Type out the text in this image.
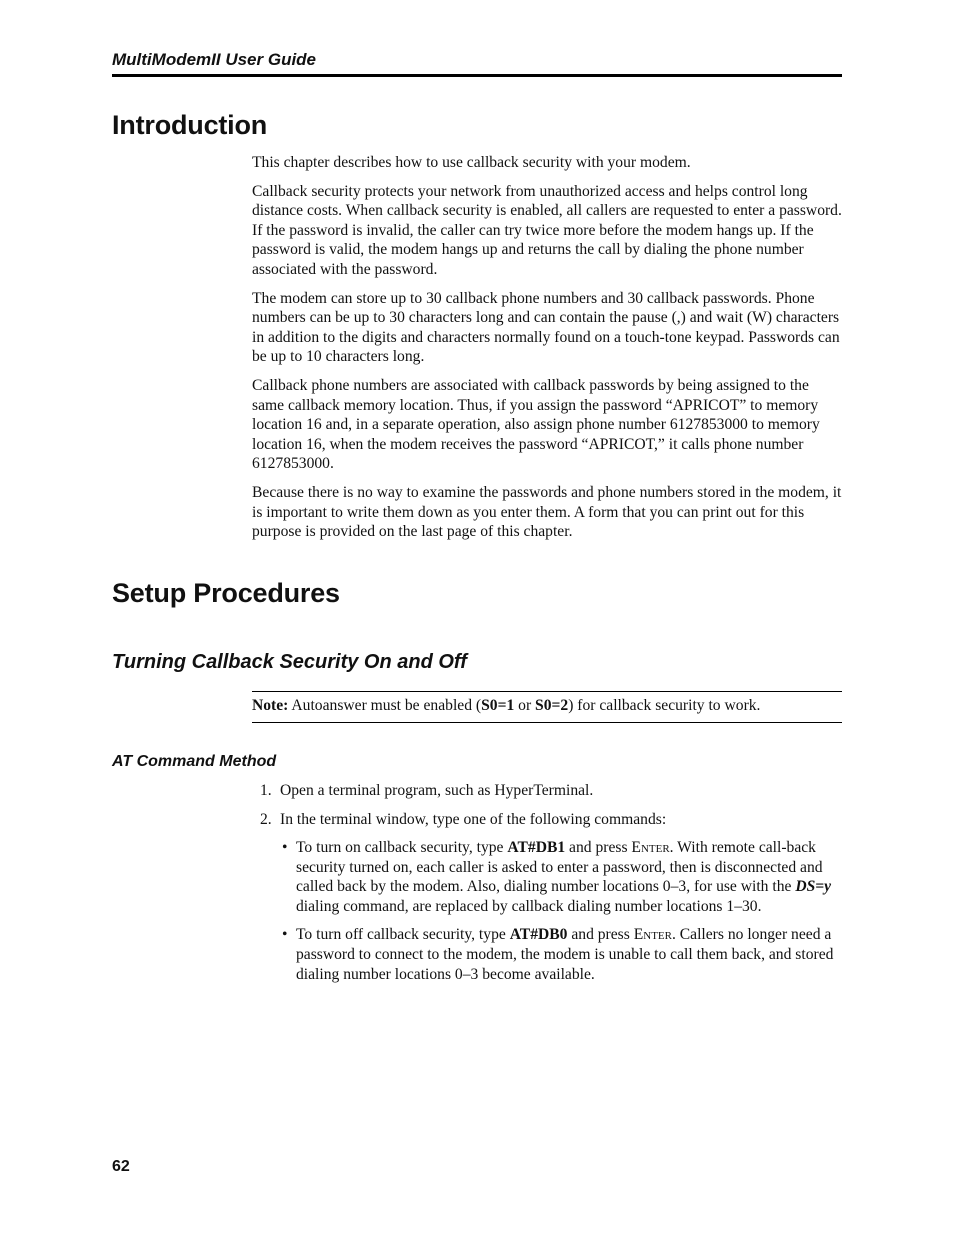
MultiModemII User Guide
Introduction

This chapter describes how to use callback security with your modem.

Callback security protects your network from unauthorized access and helps control long distance costs. When callback security is enabled, all callers are requested to enter a password. If the password is invalid, the caller can try twice more before the modem hangs up. If the password is valid, the modem hangs up and returns the call by dialing the phone number associated with the password.

The modem can store up to 30 callback phone numbers and 30 callback passwords. Phone numbers can be up to 30 characters long and can contain the pause (,) and wait (W) characters in addition to the digits and characters normally found on a touch-tone keypad. Passwords can be up to 10 characters long.

Callback phone numbers are associated with callback passwords by being assigned to the same callback memory location. Thus, if you assign the password “APRICOT” to memory location 16 and, in a separate operation, also assign phone number 6127853000 to memory location 16, when the modem receives the password “APRICOT,” it calls phone number 6127853000.

Because there is no way to examine the passwords and phone numbers stored in the modem, it is important to write them down as you enter them. A form that you can print out for this purpose is provided on the last page of this chapter.

Setup Procedures
Turning Callback Security On and Off
Note: Autoanswer must be enabled (S0=1 or S0=2) for callback security to work.
AT Command Method
1. Open a terminal program, such as HyperTerminal.
2. In the terminal window, type one of the following commands:
• To turn on callback security, type AT#DB1 and press Enter. With remote call-back security turned on, each caller is asked to enter a password, then is disconnected and called back by the modem. Also, dialing number locations 0–3, for use with the DS=y dialing command, are replaced by callback dialing number locations 1–30.
• To turn off callback security, type AT#DB0 and press Enter. Callers no longer need a password to connect to the modem, the modem is unable to call them back, and stored dialing number locations 0–3 become available.
62
